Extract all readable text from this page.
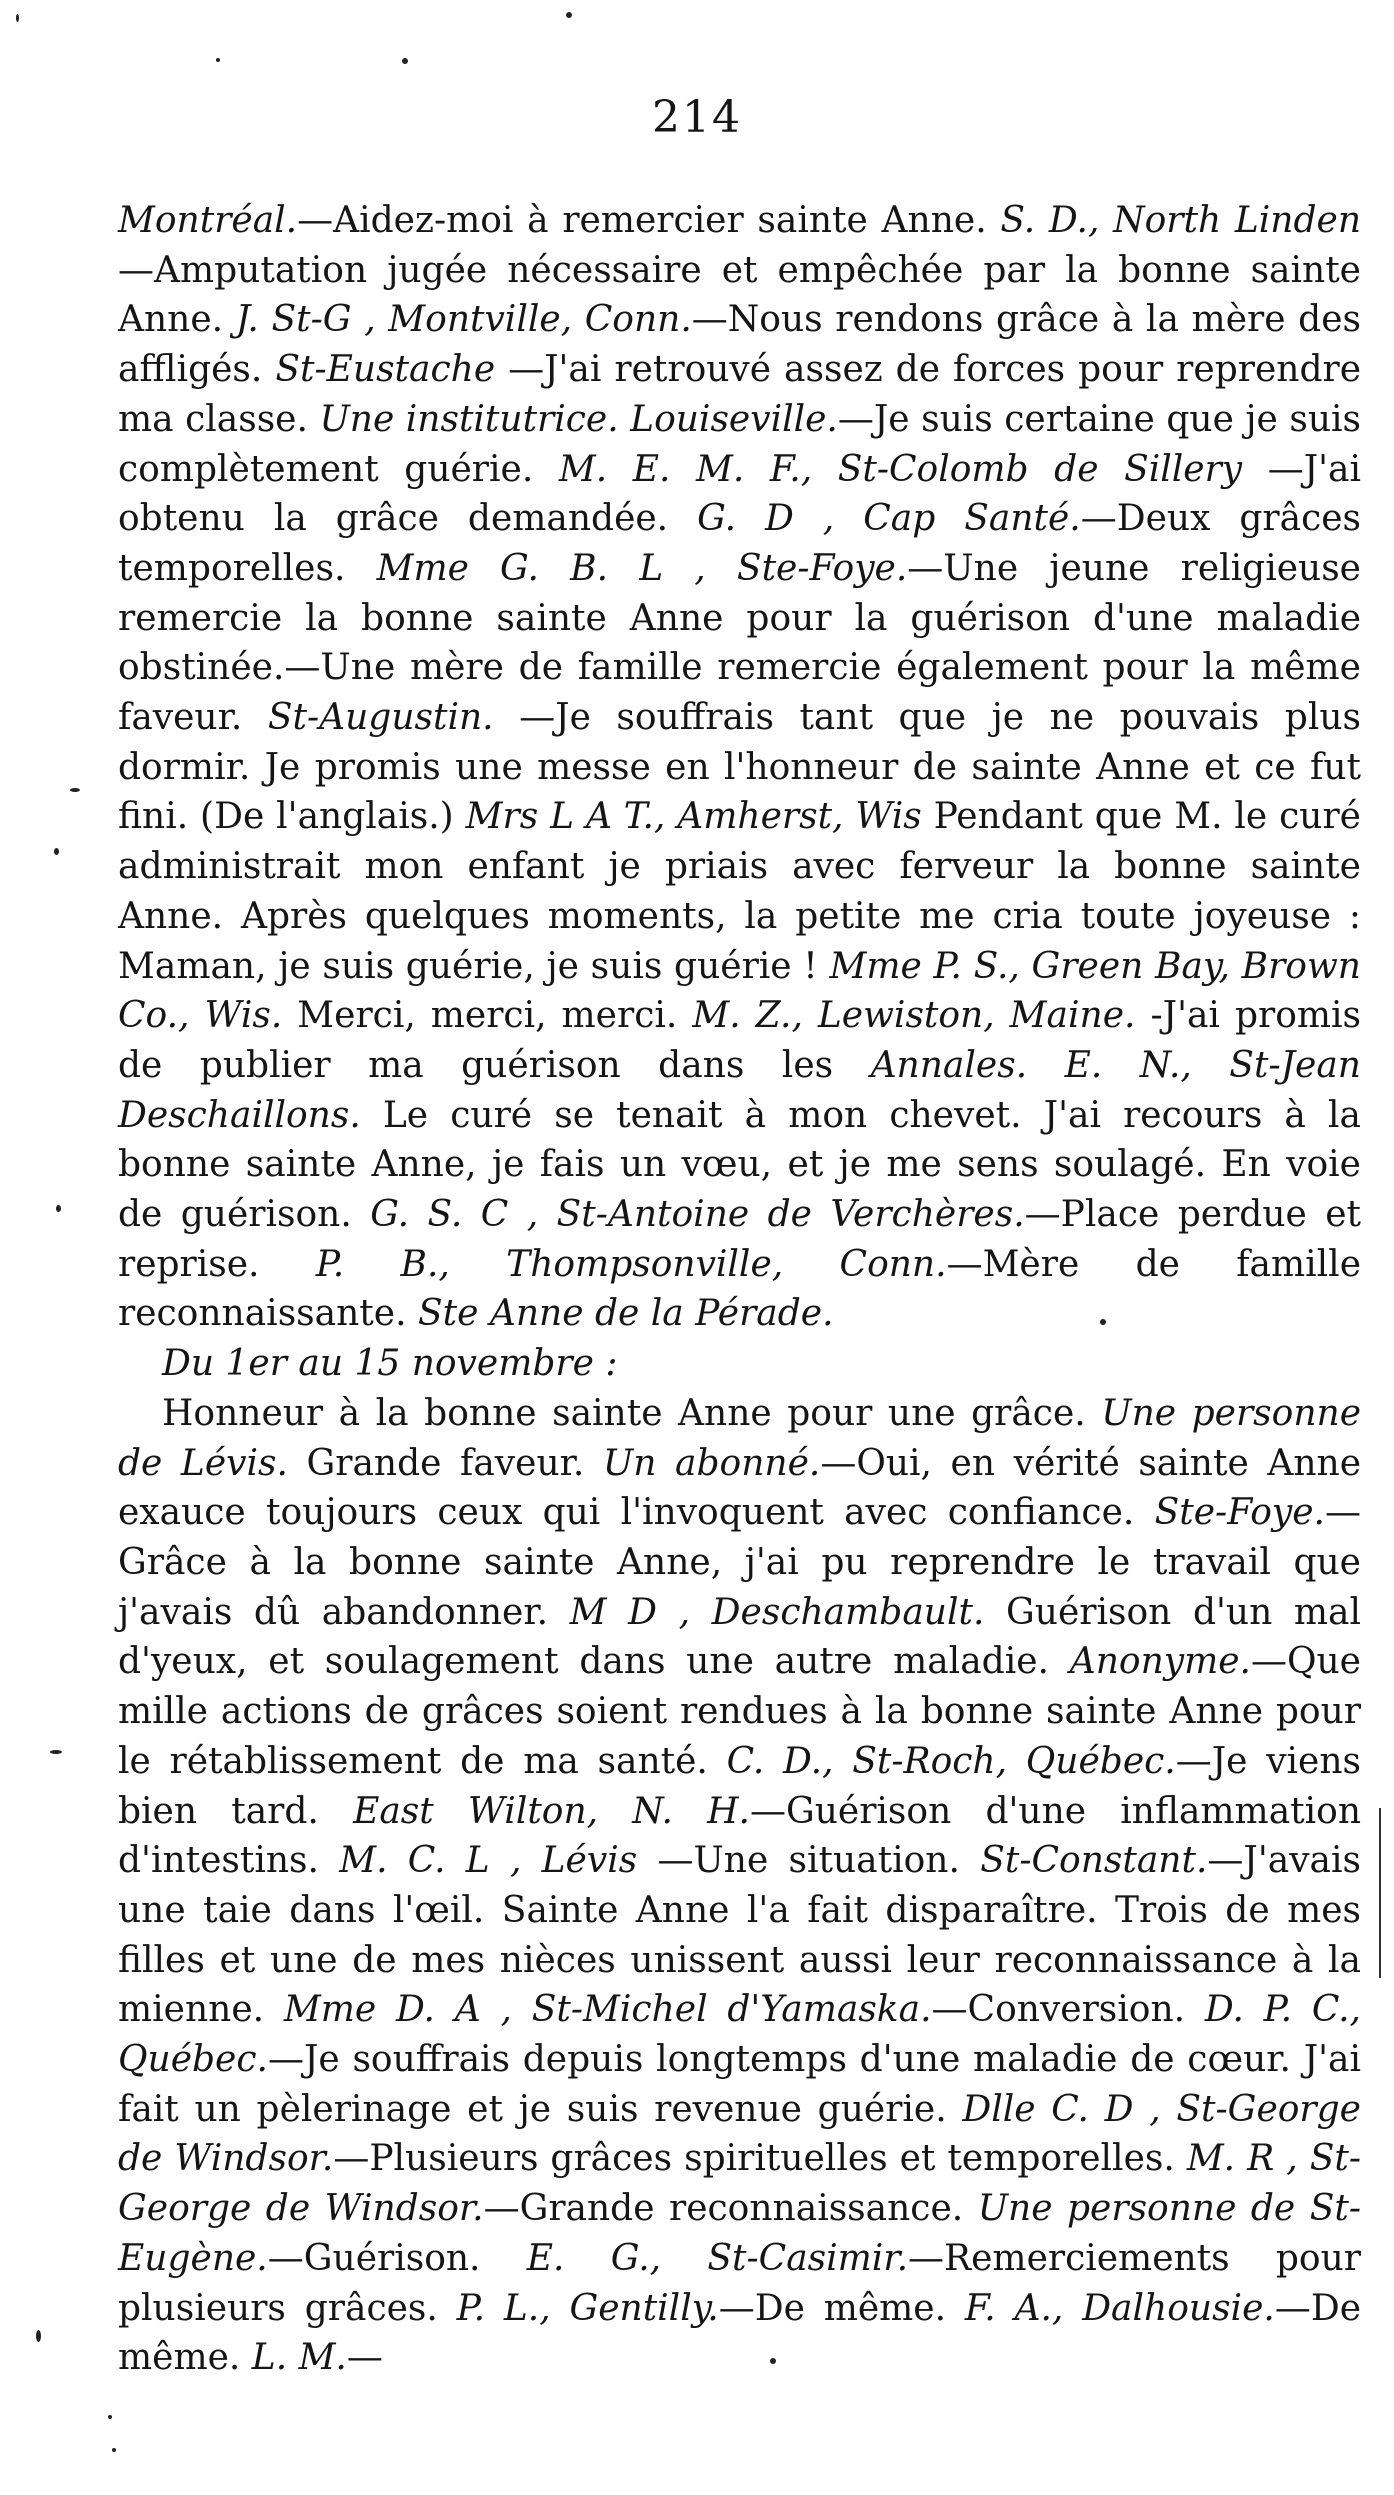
214

Montréal.—Aidez-moi à remercier sainte Anne. S. D., North Linden —Amputation jugée nécessaire et empêchée par la bonne sainte Anne. J. St-G , Montville, Conn.—Nous rendons grâce à la mère des affligés. St-Eustache —J'ai retrouvé assez de forces pour reprendre ma classe. Une institutrice. Louiseville.—Je suis certaine que je suis complètement guérie. M. E. M. F., St-Colomb de Sillery —J'ai obtenu la grâce demandée. G. D , Cap Santé.—Deux grâces temporelles. Mme G. B. L , Ste-Foye.—Une jeune religieuse remercie la bonne sainte Anne pour la guérison d'une maladie obstinée.—Une mère de famille remercie également pour la même faveur. St-Augustin. —Je souffrais tant que je ne pouvais plus dormir. Je promis une messe en l'honneur de sainte Anne et ce fut fini. (De l'anglais.) Mrs L A T., Amherst, Wis Pendant que M. le curé administrait mon enfant je priais avec ferveur la bonne sainte Anne. Après quelques moments, la petite me cria toute joyeuse : Maman, je suis guérie, je suis guérie ! Mme P. S., Green Bay, Brown Co., Wis. Merci, merci, merci. M. Z., Lewiston, Maine. -J'ai promis de publier ma guérison dans les Annales. E. N., St-Jean Deschaillons. Le curé se tenait à mon chevet. J'ai recours à la bonne sainte Anne, je fais un vœu, et je me sens soulagé. En voie de guérison. G. S. C , St-Antoine de Verchères.—Place perdue et reprise. P. B., Thompsonville, Conn.—Mère de famille reconnaissante. Ste Anne de la Pérade.

Du 1er au 15 novembre :

Honneur à la bonne sainte Anne pour une grâce. Une personne de Lévis. Grande faveur. Un abonné.—Oui, en vérité sainte Anne exauce toujours ceux qui l'invoquent avec confiance. Ste-Foye.—Grâce à la bonne sainte Anne, j'ai pu reprendre le travail que j'avais dû abandonner. M D , Deschambault. Guérison d'un mal d'yeux, et soulagement dans une autre maladie. Anonyme.—Que mille actions de grâces soient rendues à la bonne sainte Anne pour le rétablissement de ma santé. C. D., St-Roch, Québec.—Je viens bien tard. East Wilton, N. H.—Guérison d'une inflammation d'intestins. M. C. L , Lévis —Une situation. St-Constant.—J'avais une taie dans l'œil. Sainte Anne l'a fait disparaître. Trois de mes filles et une de mes nièces unissent aussi leur reconnaissance à la mienne. Mme D. A , St-Michel d'Yamaska.—Conversion. D. P. C., Québec.—Je souffrais depuis longtemps d'une maladie de cœur. J'ai fait un pèlerinage et je suis revenue guérie. Dlle C. D , St-George de Windsor.—Plusieurs grâces spirituelles et temporelles. M. R , St-George de Windsor.—Grande reconnaissance. Une personne de St-Eugène.—Guérison. E. G., St-Casimir.—Remerciements pour plusieurs grâces. P. L., Gentilly.—De même. F. A., Dalhousie.—De même. L. M.—
